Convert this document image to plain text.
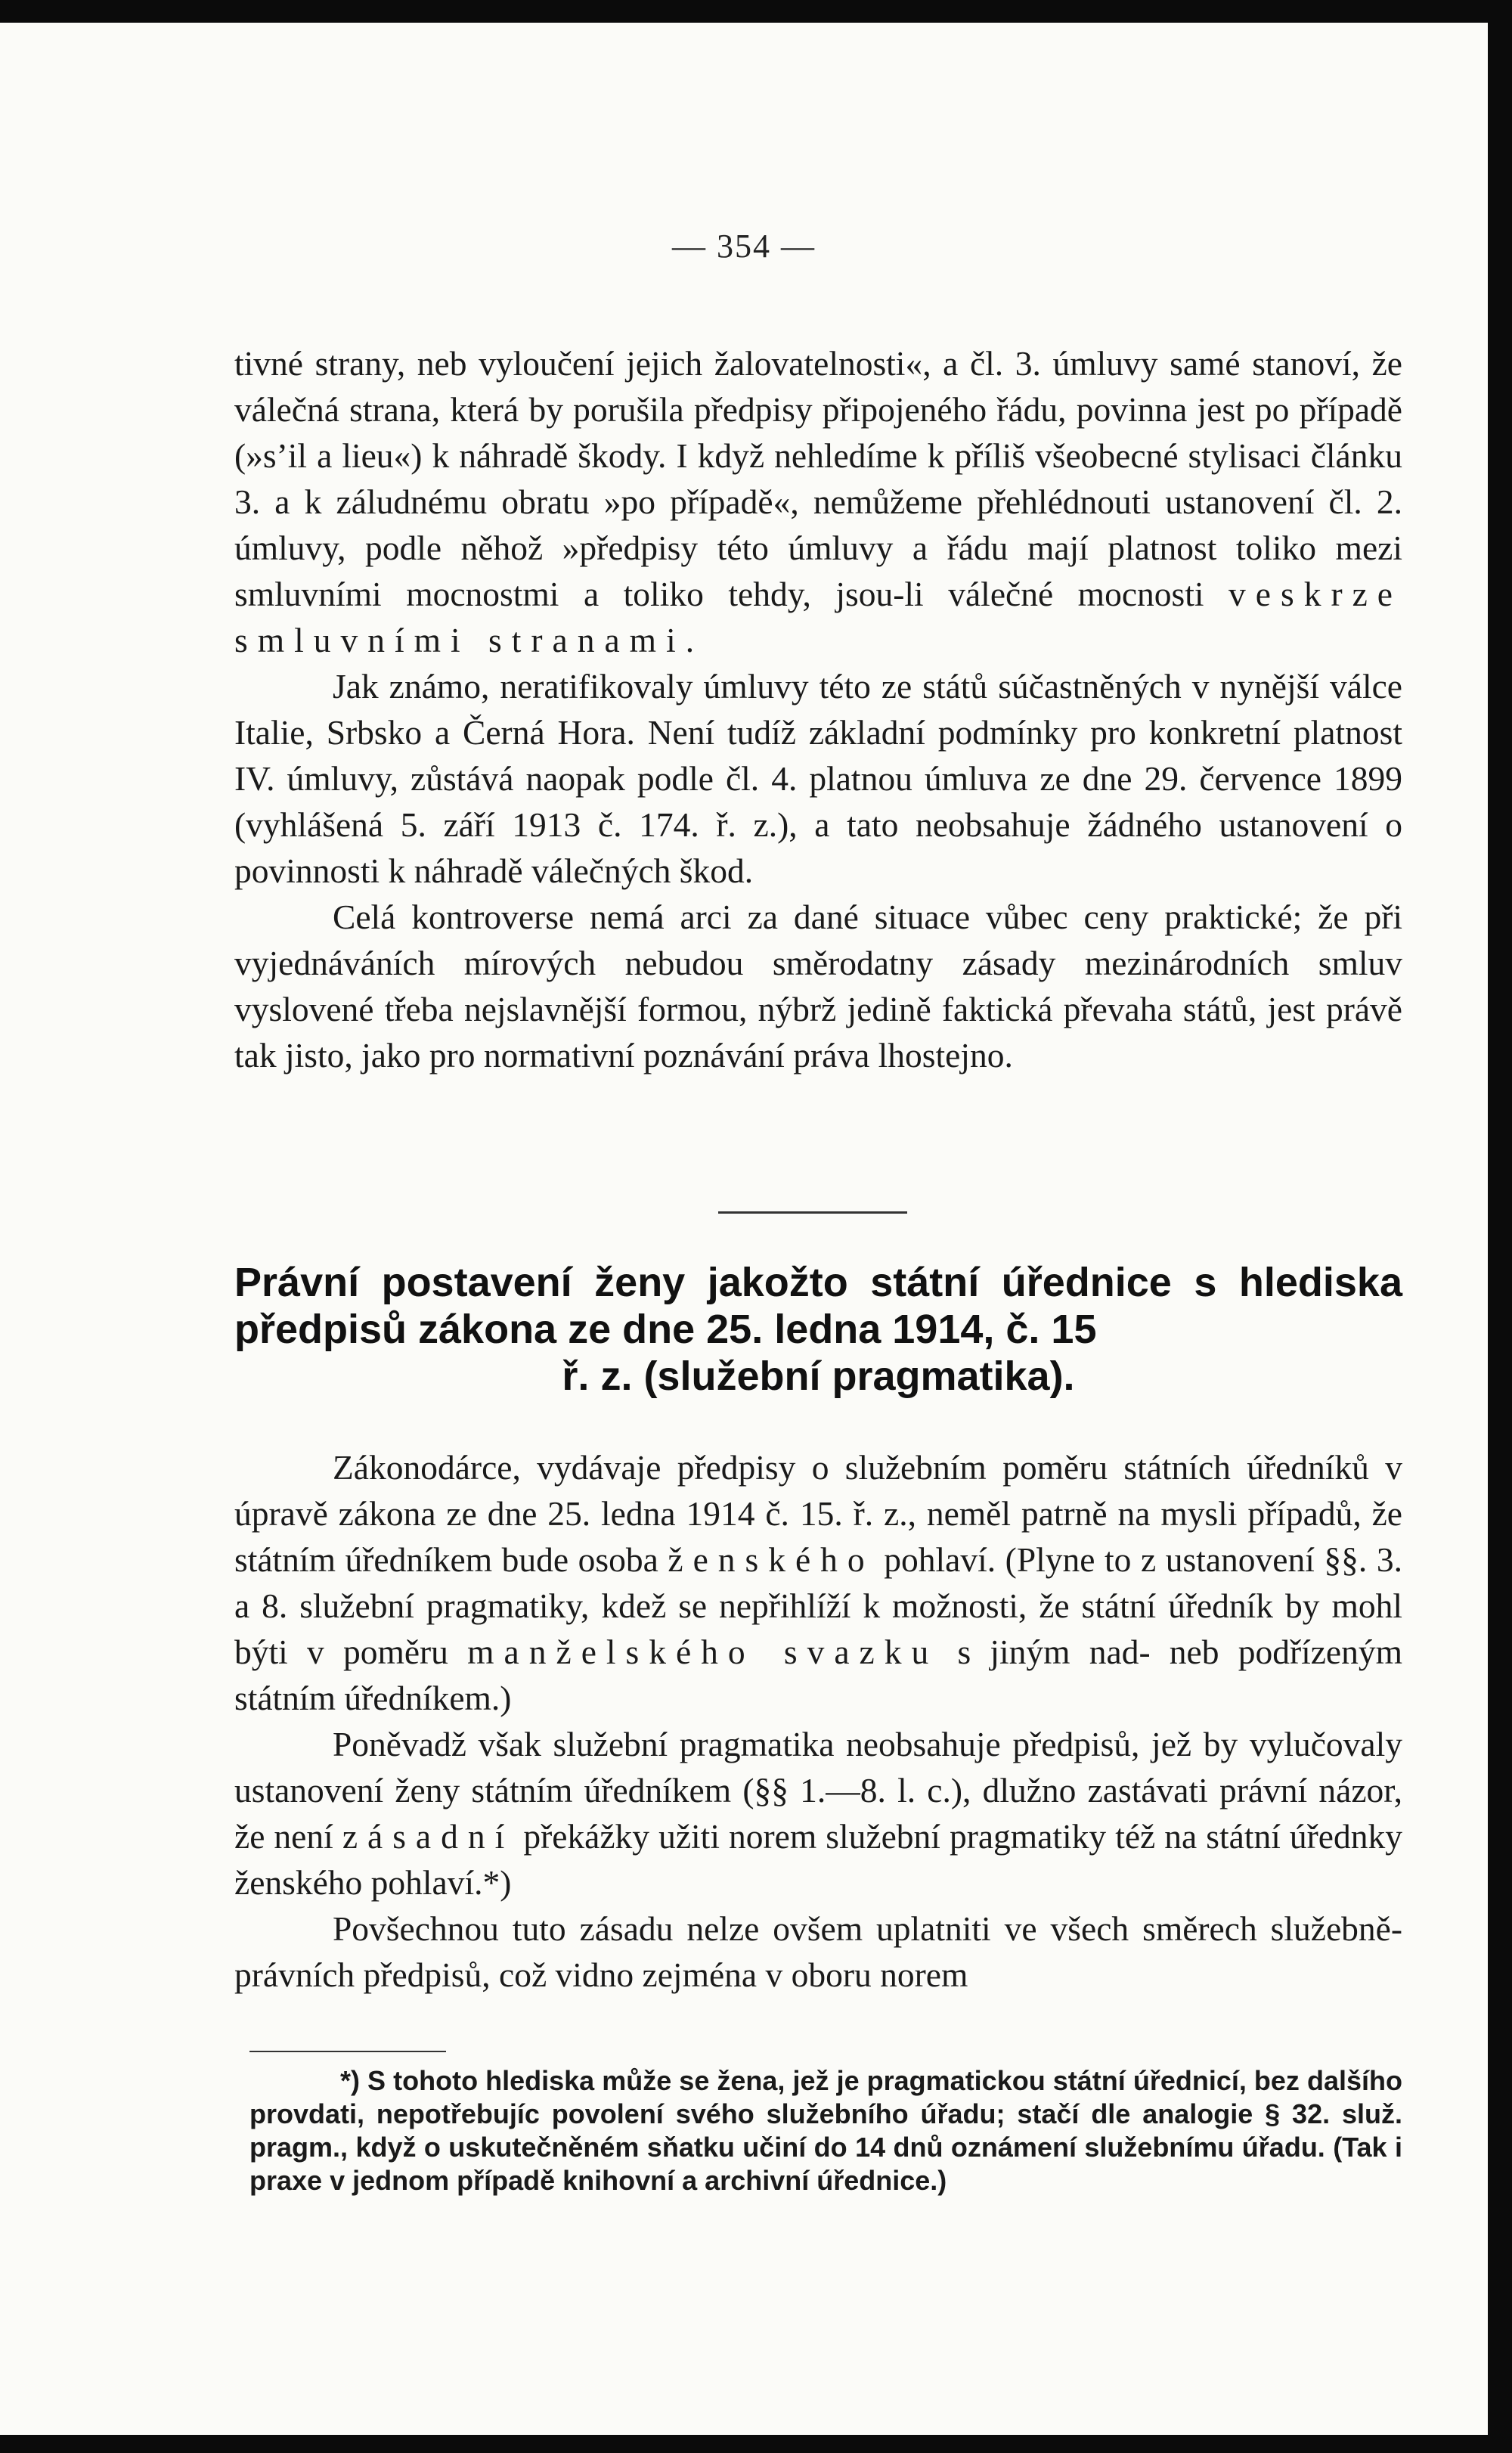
— 354 —

tivné strany, neb vyloučení jejich žalovatelnosti«, a čl. 3. úmluvy samé stanoví, že válečná strana, která by porušila předpisy připojeného řádu, povinna jest po případě (»s’il a lieu«) k náhradě škody. I když nehledíme k příliš všeobecné stylisaci článku 3. a k záludnému obratu »po případě«, nemůžeme přehlédnouti ustanovení čl. 2. úmluvy, podle něhož »předpisy této úmluvy a řádu mají platnost toliko mezi smluvními mocnostmi a toliko tehdy, jsou-li válečné mocnosti veskrze smluvními stranami.

Jak známo, neratifikovaly úmluvy této ze států súčastněných v nynější válce Italie, Srbsko a Černá Hora. Není tudíž základní podmínky pro konkretní platnost IV. úmluvy, zůstává naopak podle čl. 4. platnou úmluva ze dne 29. července 1899 (vyhlášená 5. září 1913 č. 174. ř. z.), a tato neobsahuje žádného ustanovení o povinnosti k náhradě válečných škod.

Celá kontroverse nemá arci za dané situace vůbec ceny praktické; že při vyjednáváních mírových nebudou směrodatny zásady mezinárodních smluv vyslovené třeba nejslavnější formou, nýbrž jedině faktická převaha států, jest právě tak jisto, jako pro normativní poznávání práva lhostejno.

Právní postavení ženy jakožto státní úřednice s hlediska předpisů zákona ze dne 25. ledna 1914, č. 15
ř. z. (služební pragmatika).

Zákonodárce, vydávaje předpisy o služebním poměru státních úředníků v úpravě zákona ze dne 25. ledna 1914 č. 15. ř. z., neměl patrně na mysli případů, že státním úředníkem bude osoba ženského pohlaví. (Plyne to z ustanovení §§. 3. a 8. služební pragmatiky, kdež se nepřihlíží k možnosti, že státní úředník by mohl býti v poměru manželského svazku s jiným nad- neb podřízeným státním úředníkem.)

Poněvadž však služební pragmatika neobsahuje předpisů, jež by vylučovaly ustanovení ženy státním úředníkem (§§ 1.—8. l. c.), dlužno zastávati právní názor, že není zásadní překážky užiti norem služební pragmatiky též na státní úřednky ženského pohlaví.*)

Povšechnou tuto zásadu nelze ovšem uplatniti ve všech směrech služebně-právních předpisů, což vidno zejména v oboru norem

*) S tohoto hlediska může se žena, jež je pragmatickou státní úřednicí, bez dalšího provdati, nepotřebujíc povolení svého služebního úřadu; stačí dle analogie § 32. služ. pragm., když o uskutečněném sňatku učiní do 14 dnů oznámení služebnímu úřadu. (Tak i praxe v jednom případě knihovní a archivní úřednice.)
